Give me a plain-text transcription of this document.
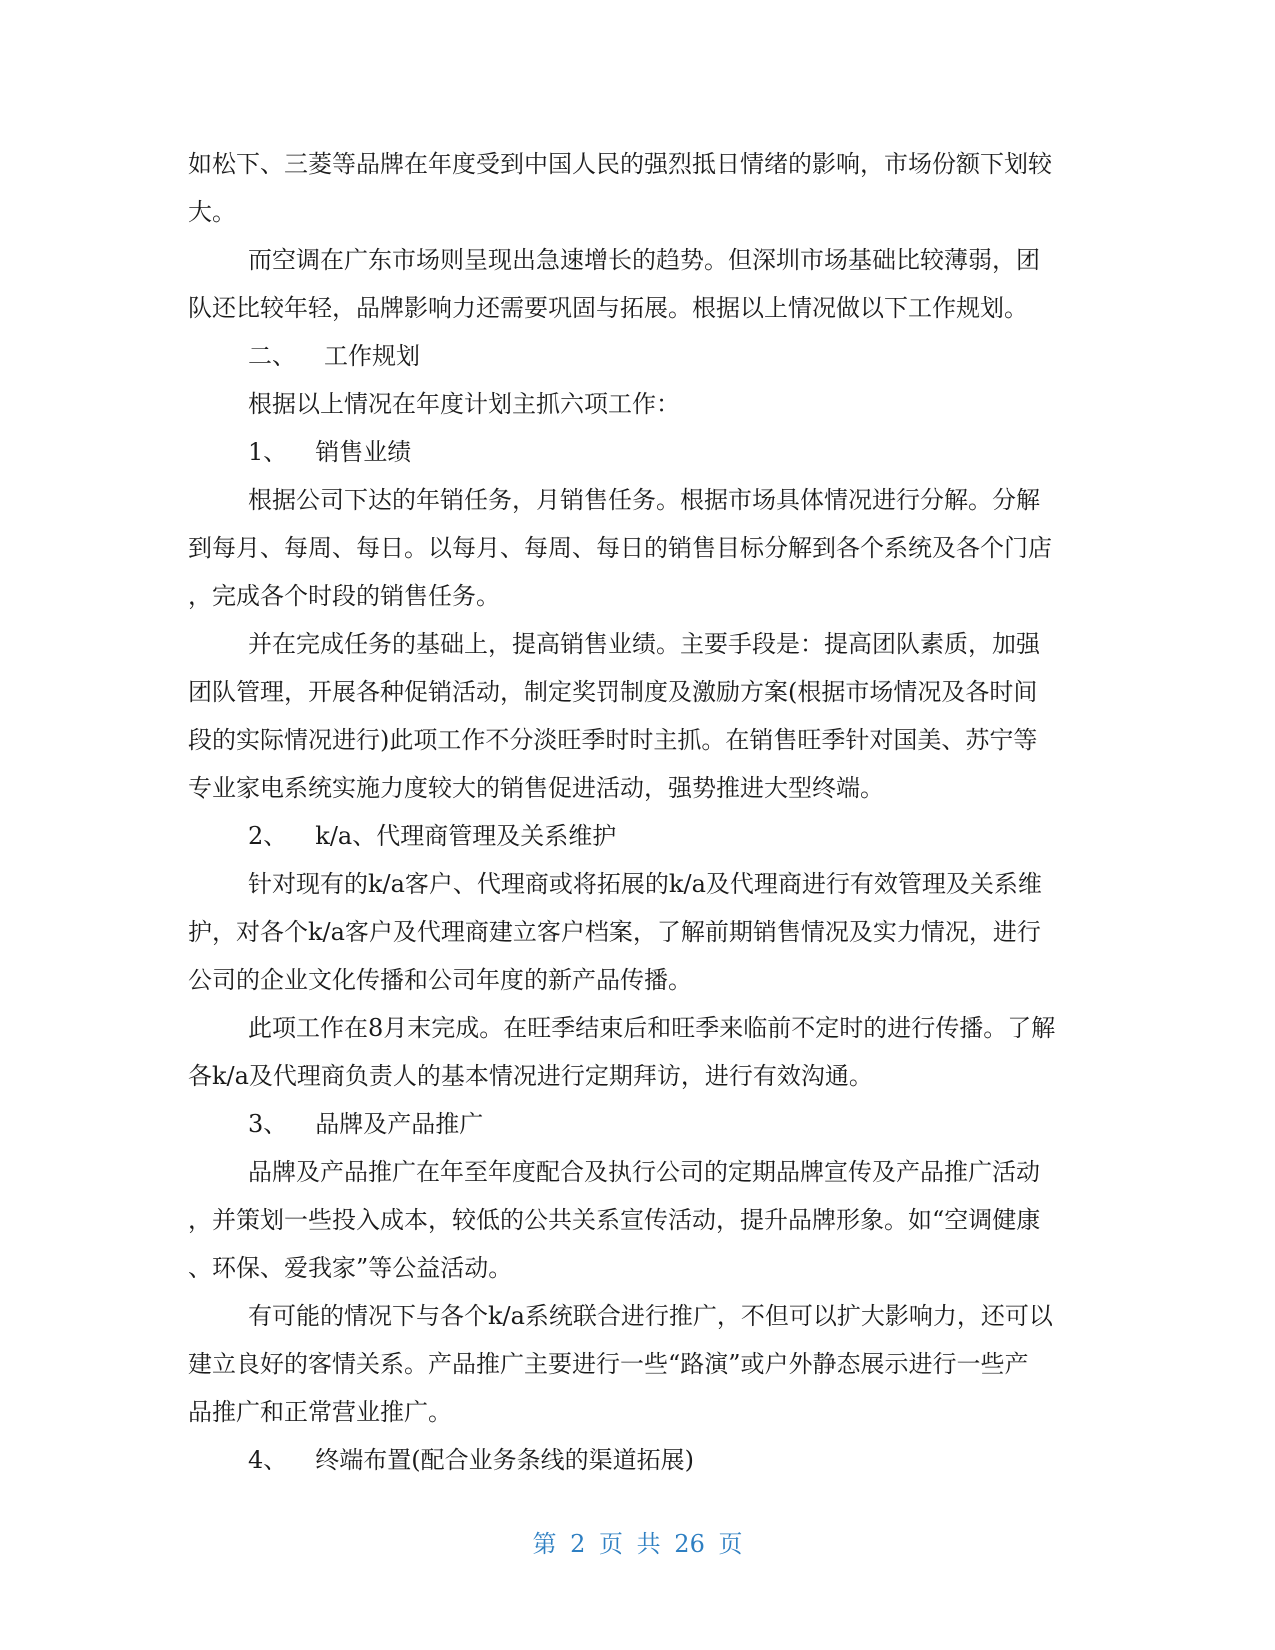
如松下、三菱等品牌在年度受到中国人民的强烈抵日情绪的影响，市场份额下划较

大。

而空调在广东市场则呈现出急速增长的趋势。但深圳市场基础比较薄弱，团

队还比较年轻，品牌影响力还需要巩固与拓展。根据以上情况做以下工作规划。

二、 工作规划

根据以上情况在年度计划主抓六项工作：

1、 销售业绩

根据公司下达的年销任务，月销售任务。根据市场具体情况进行分解。分解

到每月、每周、每日。以每月、每周、每日的销售目标分解到各个系统及各个门店

，完成各个时段的销售任务。

并在完成任务的基础上，提高销售业绩。主要手段是：提高团队素质，加强

团队管理，开展各种促销活动，制定奖罚制度及激励方案(根据市场情况及各时间

段的实际情况进行)此项工作不分淡旺季时时主抓。在销售旺季针对国美、苏宁等

专业家电系统实施力度较大的销售促进活动，强势推进大型终端。

2、 k/a、代理商管理及关系维护

针对现有的k/a客户、代理商或将拓展的k/a及代理商进行有效管理及关系维

护，对各个k/a客户及代理商建立客户档案，了解前期销售情况及实力情况，进行

公司的企业文化传播和公司年度的新产品传播。

此项工作在8月末完成。在旺季结束后和旺季来临前不定时的进行传播。了解

各k/a及代理商负责人的基本情况进行定期拜访，进行有效沟通。

3、 品牌及产品推广

品牌及产品推广在年至年度配合及执行公司的定期品牌宣传及产品推广活动

，并策划一些投入成本，较低的公共关系宣传活动，提升品牌形象。如“空调健康

、环保、爱我家”等公益活动。

有可能的情况下与各个k/a系统联合进行推广，不但可以扩大影响力，还可以

建立良好的客情关系。产品推广主要进行一些“路演”或户外静态展示进行一些产

品推广和正常营业推广。

4、 终端布置(配合业务条线的渠道拓展)

第 2 页 共 26 页
